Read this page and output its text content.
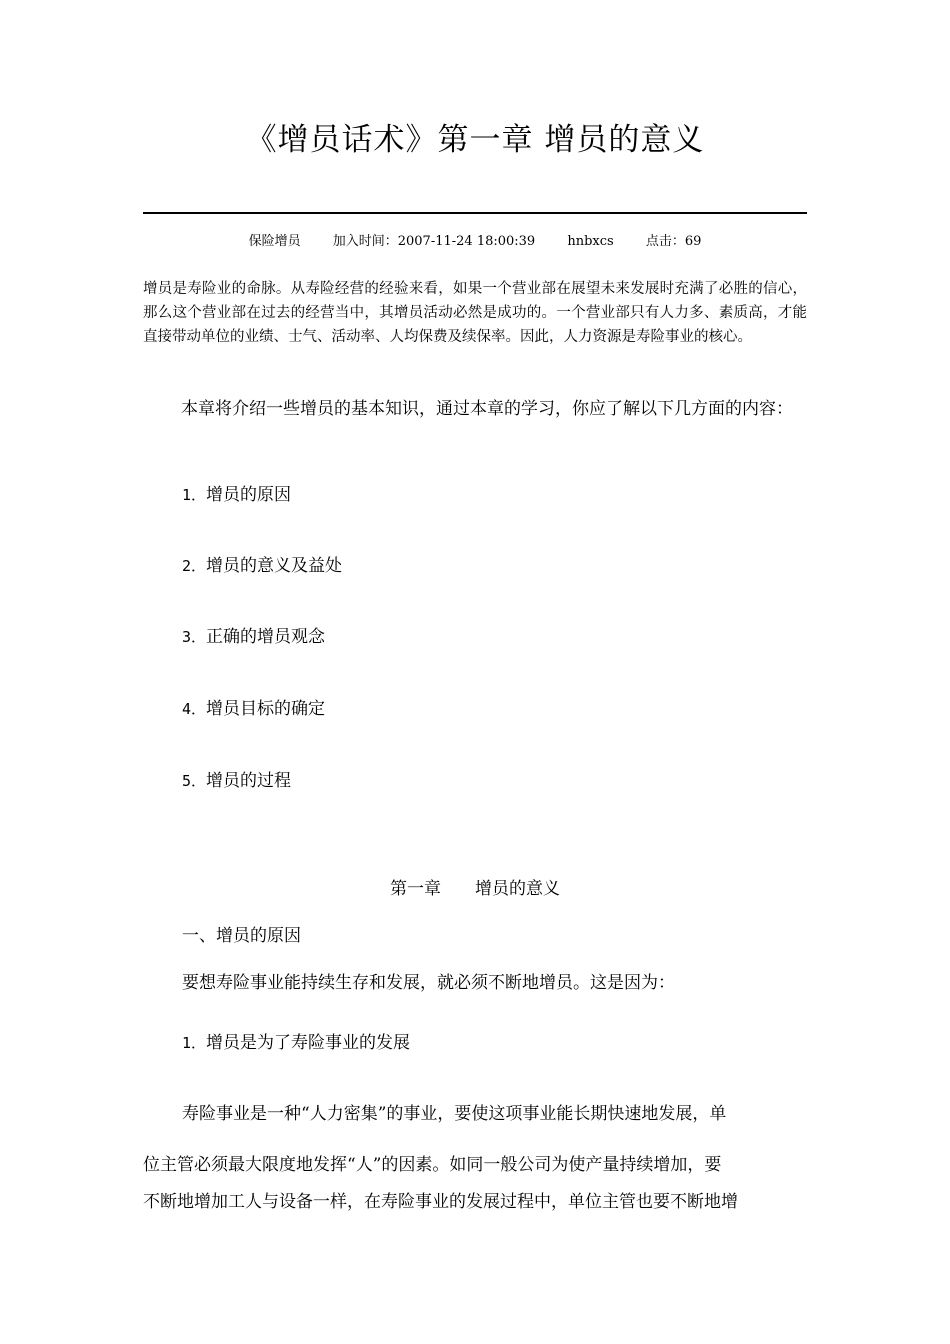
《增员话术》第一章 增员的意义
保险增员 加入时间：2007-11-24 18:00:39 hnbxcs 点击：69
增员是寿险业的命脉。从寿险经营的经验来看，如果一个营业部在展望未来发展时充满了必胜的信心，那么这个营业部在过去的经营当中，其增员活动必然是成功的。一个营业部只有人力多、素质高，才能直接带动单位的业绩、士气、活动率、人均保费及续保率。因此，人力资源是寿险事业的核心。
本章将介绍一些增员的基本知识，通过本章的学习，你应了解以下几方面的内容：
1．增员的原因
2．增员的意义及益处
3．正确的增员观念
4．增员目标的确定
5．增员的过程
第一章　　增员的意义
一、增员的原因
要想寿险事业能持续生存和发展，就必须不断地增员。这是因为：
1．增员是为了寿险事业的发展
寿险事业是一种“人力密集”的事业，要使这项事业能长期快速地发展，单
位主管必须最大限度地发挥“人”的因素。如同一般公司为使产量持续增加，要
不断地增加工人与设备一样，在寿险事业的发展过程中，单位主管也要不断地增
